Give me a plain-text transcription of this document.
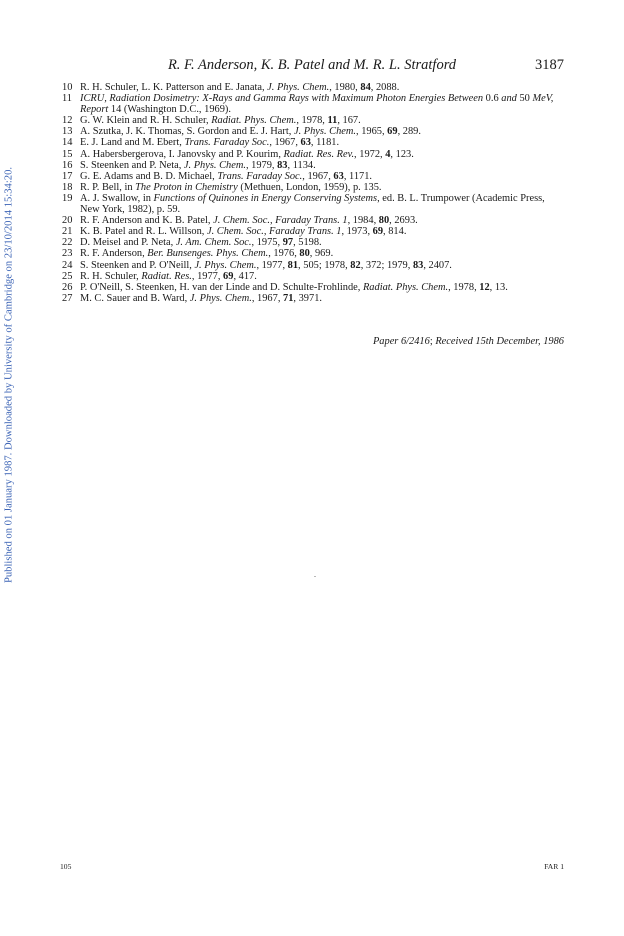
Published on 01 January 1987. Downloaded by University of Cambridge on 23/10/2014 15:34:20.
R. F. Anderson, K. B. Patel and M. R. L. Stratford	3187
10 R. H. Schuler, L. K. Patterson and E. Janata, J. Phys. Chem., 1980, 84, 2088.
11 ICRU, Radiation Dosimetry: X-Rays and Gamma Rays with Maximum Photon Energies Between 0.6 and 50 MeV, Report 14 (Washington D.C., 1969).
12 G. W. Klein and R. H. Schuler, Radiat. Phys. Chem., 1978, 11, 167.
13 A. Szutka, J. K. Thomas, S. Gordon and E. J. Hart, J. Phys. Chem., 1965, 69, 289.
14 E. J. Land and M. Ebert, Trans. Faraday Soc., 1967, 63, 1181.
15 A. Habersbergerova, I. Janovsky and P. Kourim, Radiat. Res. Rev., 1972, 4, 123.
16 S. Steenken and P. Neta, J. Phys. Chem., 1979, 83, 1134.
17 G. E. Adams and B. D. Michael, Trans. Faraday Soc., 1967, 63, 1171.
18 R. P. Bell, in The Proton in Chemistry (Methuen, London, 1959), p. 135.
19 A. J. Swallow, in Functions of Quinones in Energy Conserving Systems, ed. B. L. Trumpower (Academic Press, New York, 1982), p. 59.
20 R. F. Anderson and K. B. Patel, J. Chem. Soc., Faraday Trans. 1, 1984, 80, 2693.
21 K. B. Patel and R. L. Willson, J. Chem. Soc., Faraday Trans. 1, 1973, 69, 814.
22 D. Meisel and P. Neta, J. Am. Chem. Soc., 1975, 97, 5198.
23 R. F. Anderson, Ber. Bunsenges. Phys. Chem., 1976, 80, 969.
24 S. Steenken and P. O'Neill, J. Phys. Chem., 1977, 81, 505; 1978, 82, 372; 1979, 83, 2407.
25 R. H. Schuler, Radiat. Res., 1977, 69, 417.
26 P. O'Neill, S. Steenken, H. van der Linde and D. Schulte-Frohlinde, Radiat. Phys. Chem., 1978, 12, 13.
27 M. C. Sauer and B. Ward, J. Phys. Chem., 1967, 71, 3971.
Paper 6/2416; Received 15th December, 1986
105	FAR 1
